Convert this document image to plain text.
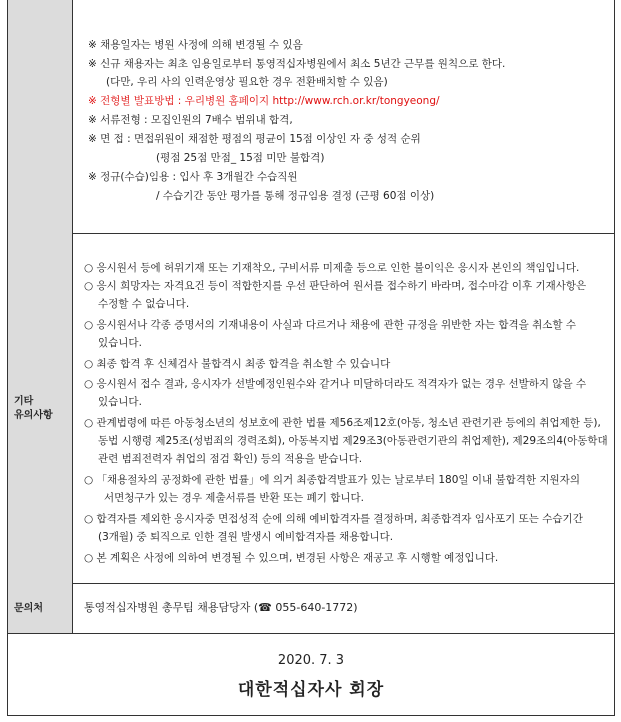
※ 채용일자는 병원 사정에 의해 변경될 수 있음
※ 신규 채용자는 최초 임용일로부터 통영적십자병원에서 최소 5년간 근무를 원칙으로 한다.
(다만, 우리 사의 인력운영상 필요한 경우 전환배치할 수 있음)
※ 전형별 발표방법 : 우리병원 홈페이지 http://www.rch.or.kr/tongyeong/
※ 서류전형 : 모집인원의 7배수 범위내 합격,
※ 면 접 : 면접위원이 채점한 평점의 평균이 15점 이상인 자 중 성적 순위
(평점 25점 만점_ 15점 미만 불합격)
※ 정규(수습)임용 : 입사 후 3개월간 수습직원
/ 수습기간 동안 평가를 통해 정규임용 결정 (근평 60점 이상)
기타
유의사항
○ 응시원서 등에 허위기재 또는 기재착오, 구비서류 미제출 등으로 인한 불이익은 응시자 본인의 책임입니다.
○ 응시 희망자는 자격요건 등이 적합한지를 우선 판단하여 원서를 접수하기 바라며, 접수마감 이후 기재사항은
수정할 수 없습니다.
○ 응시원서나 각종 증명서의 기재내용이 사실과 다르거나 채용에 관한 규정을 위반한 자는 합격을 취소할 수
있습니다.
○ 최종 합격 후 신체검사 불합격시 최종 합격을 취소할 수 있습니다
○ 응시원서 접수 결과, 응시자가 선발예정인원수와 같거나 미달하더라도 적격자가 없는 경우 선발하지 않을 수
있습니다.
○ 관계법령에 따른 아동청소년의 성보호에 관한 법률 제56조제12호(아동, 청소년 관련기관 등에의 취업제한 등),
동법 시행령 제25조(성범죄의 경력조회), 아동복지법 제29조3(아동관련기관의 취업제한), 제29조의4(아동학대
관련 범죄전력자 취업의 점검 확인) 등의 적용을 받습니다.
○ 「채용절차의 공정화에 관한 법률」에 의거 최종합격발표가 있는 날로부터 180일 이내 불합격한 지원자의
서면청구가 있는 경우 제출서류를 반환 또는 폐기 합니다.
○ 합격자를 제외한 응시자중 면접성적 순에 의해 예비합격자를 결정하며, 최종합격자 임사포기 또는 수습기간
(3개월) 중 퇴직으로 인한 결원 발생시 예비합격자를 채용합니다.
○ 본 계획은 사정에 의하여 변경될 수 있으며, 변경된 사항은 재공고 후 시행할 예정입니다.
문의처	통영적십자병원 총무팀 채용담당자 (☎ 055-640-1772)
2020. 7. 3
대한적십자사 회장
